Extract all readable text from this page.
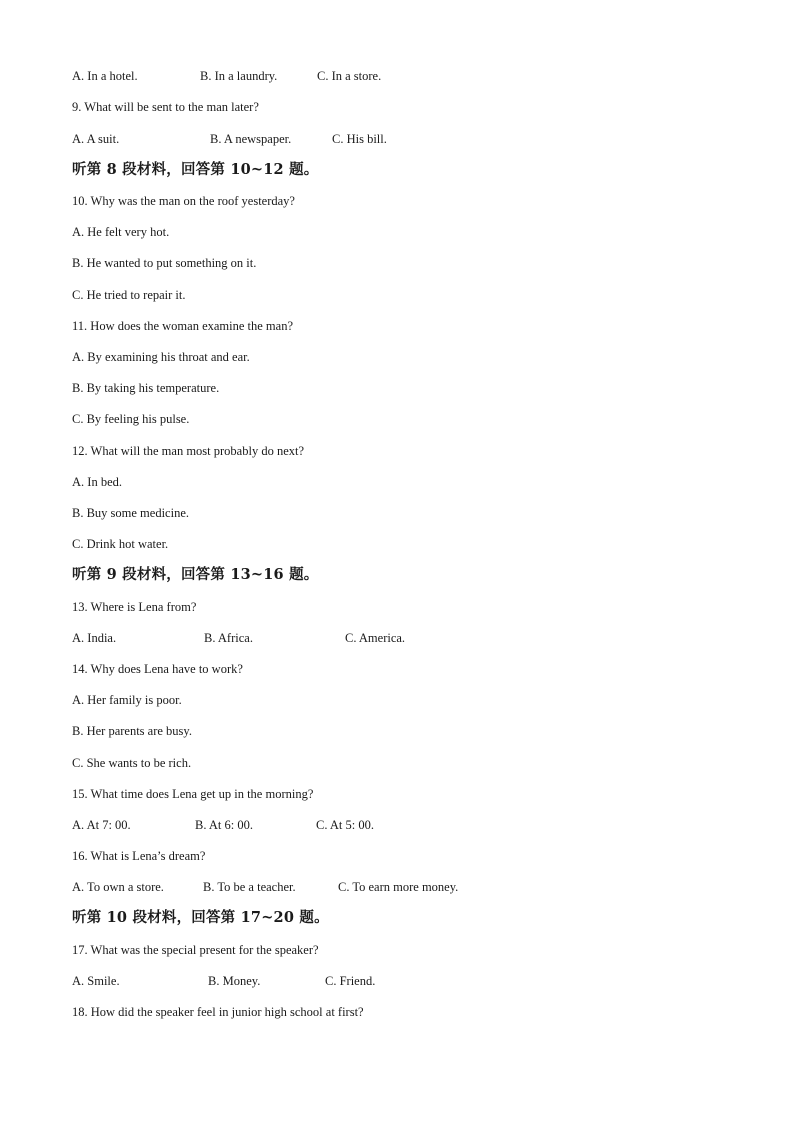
A. In a hotel.	B. In a laundry.	C. In a store.
9. What will be sent to the man later?
A. A suit.	B. A newspaper.	C. His bill.
听第 8 段材料，回答第 10~12 题。
10. Why was the man on the roof yesterday?
A. He felt very hot.
B. He wanted to put something on it.
C. He tried to repair it.
11. How does the woman examine the man?
A. By examining his throat and ear.
B. By taking his temperature.
C. By feeling his pulse.
12. What will the man most probably do next?
A. In bed.
B. Buy some medicine.
C. Drink hot water.
听第 9 段材料，回答第 13~16 题。
13. Where is Lena from?
A. India.	B. Africa.	C. America.
14. Why does Lena have to work?
A. Her family is poor.
B. Her parents are busy.
C. She wants to be rich.
15. What time does Lena get up in the morning?
A. At 7: 00.	B. At 6: 00.	C. At 5: 00.
16. What is Lena’s dream?
A. To own a store.	B. To be a teacher.	C. To earn more money.
听第 10 段材料，回答第 17~20 题。
17. What was the special present for the speaker?
A. Smile.	B. Money.	C. Friend.
18. How did the speaker feel in junior high school at first?
